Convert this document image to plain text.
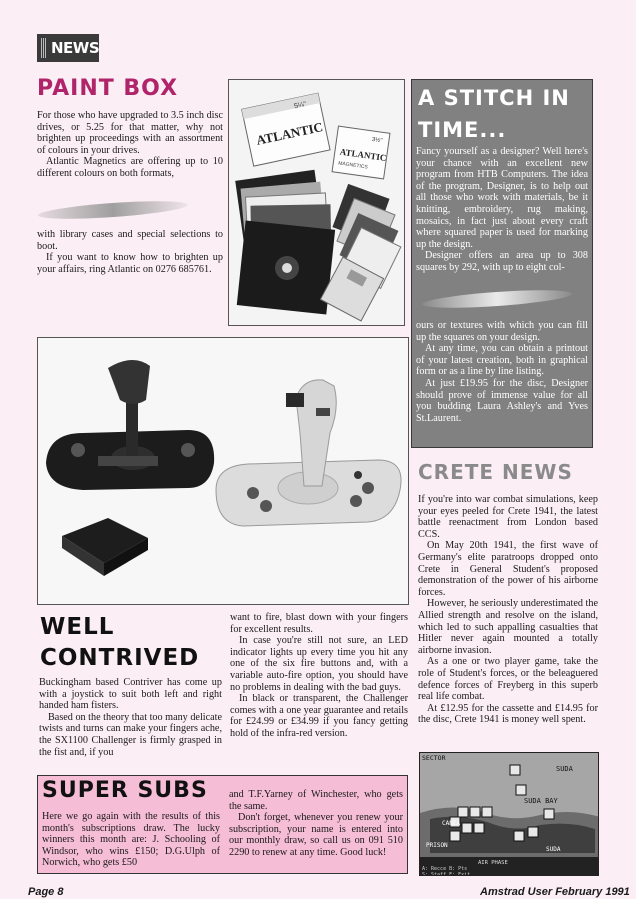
NEWS
PAINT BOX

For those who have upgraded to 3.5 inch disc drives, or 5.25 for that matter, why not brighten up proceedings with an assortment of colours in your drives.

Atlantic Magnetics are offering up to 10 different colours on both formats,

with library cases and special selections to boot.

If you want to know how to brighten up your affairs, ring Atlantic on 0276 685761.

ATLANTIC
5¼"
ATLANTIC
MAGNETICS
3½"
A STITCH IN TIME...

Fancy yourself as a designer? Well here's your chance with an excellent new program from HTB Computers. The idea of the program, Designer, is to help out all those who work with materials, be it knitting, embroidery, rug making, mosaics, in fact just about every craft where squared paper is used for marking up the design.

Designer offers an area up to 308 squares by 292, with up to eight col-

ours or textures with which you can fill up the squares on your design.

At any time, you can obtain a printout of your latest creation, both in graphical form or as a line by line listing.

At just £19.95 for the disc, Designer should prove of immense value for all you budding Laura Ashley's and Yves St.Laurent.

WELL
CONTRIVED

Buckingham based Contriver has come up with a joystick to suit both left and right handed ham fisters.

Based on the theory that too many delicate twists and turns can make your fingers ache, the SX1100 Challenger is firmly grasped in the fist and, if you

want to fire, blast down with your fingers for excellent results.

In case you're still not sure, an LED indicator lights up every time you hit any one of the six fire buttons and, with a variable auto-fire option, you should have no problems in dealing with the bad guys.

In black or transparent, the Challenger comes with a one year guarantee and retails for £24.99 or £34.99 if you fancy getting hold of the infra-red version.

CRETE NEWS

If you're into war combat simulations, keep your eyes peeled for Crete 1941, the latest battle reenactment from London based CCS.

On May 20th 1941, the first wave of Germany's elite paratroops dropped onto Crete in General Student's proposed demonstration of the power of his airborne forces.

However, he seriously underestimated the Allied strength and resolve on the island, which led to such appalling casualties that Hitler never again mounted a totally airborne invasion.

As a one or two player game, take the role of Student's forces, or the beleaguered defence forces of Freyberg in this superb real life combat.

At £12.95 for the cassette and £14.95 for the disc, Crete 1941 is money well spent.

SECTOR
SUDA
SUDA BAY
CANEA
PRISON
SUDA
AIR PHASE
A: Recce B: Pts
S: Staff E: Exit
SUPER SUBS

Here we go again with the results of this month's subscriptions draw. The lucky winners this month are: J. Schooling of Windsor, who wins £150; D.G.Ulph of Norwich, who gets £50

and T.F.Yarney of Winchester, who gets the same.

Don't forget, whenever you renew your subscription, your name is entered into our monthly draw, so call us on 091 510 2290 to renew at any time. Good luck!

Page 8	Amstrad User February 1991
